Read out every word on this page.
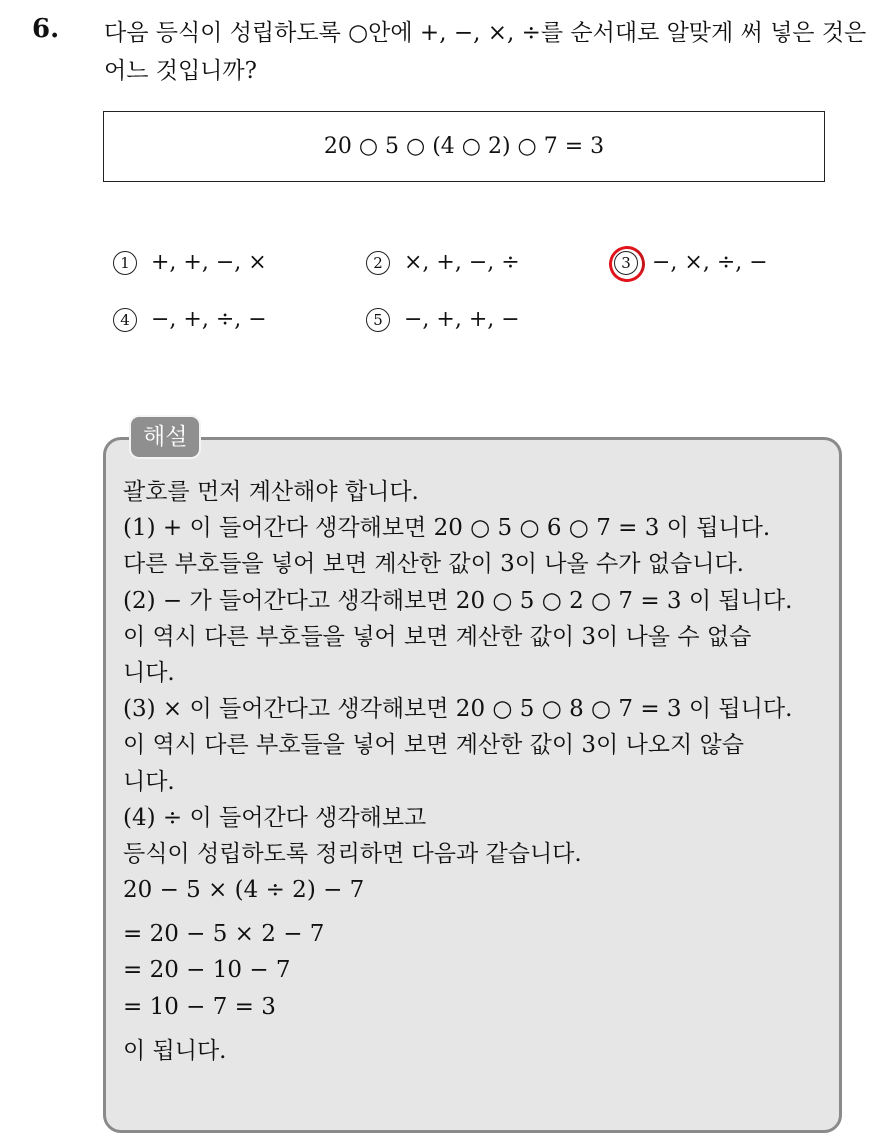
6. 다음 등식이 성립하도록 ○안에 +, −, ×, ÷를 순서대로 알맞게 써 넣은 것은 어느 것입니까?
20 ○ 5 ○ (4 ○ 2) ○ 7 = 3
1 +, +, −, ×	2 ×, +, −, ÷	3 −, ×, ÷, −
4 −, +, ÷, −	5 −, +, +, −
해설
괄호를 먼저 계산해야 합니다.
(1) + 이 들어간다 생각해보면 20 ○ 5 ○ 6 ○ 7 = 3 이 됩니다.
다른 부호들을 넣어 보면 계산한 값이 3이 나올 수가 없습니다.
(2) − 가 들어간다고 생각해보면 20 ○ 5 ○ 2 ○ 7 = 3 이 됩니다.
이 역시 다른 부호들을 넣어 보면 계산한 값이 3이 나올 수 없습
니다.
(3) × 이 들어간다고 생각해보면 20 ○ 5 ○ 8 ○ 7 = 3 이 됩니다.
이 역시 다른 부호들을 넣어 보면 계산한 값이 3이 나오지 않습
니다.
(4) ÷ 이 들어간다 생각해보고
등식이 성립하도록 정리하면 다음과 같습니다.
20 − 5 × (4 ÷ 2) − 7
= 20 − 5 × 2 − 7
= 20 − 10 − 7
= 10 − 7 = 3
이 됩니다.
